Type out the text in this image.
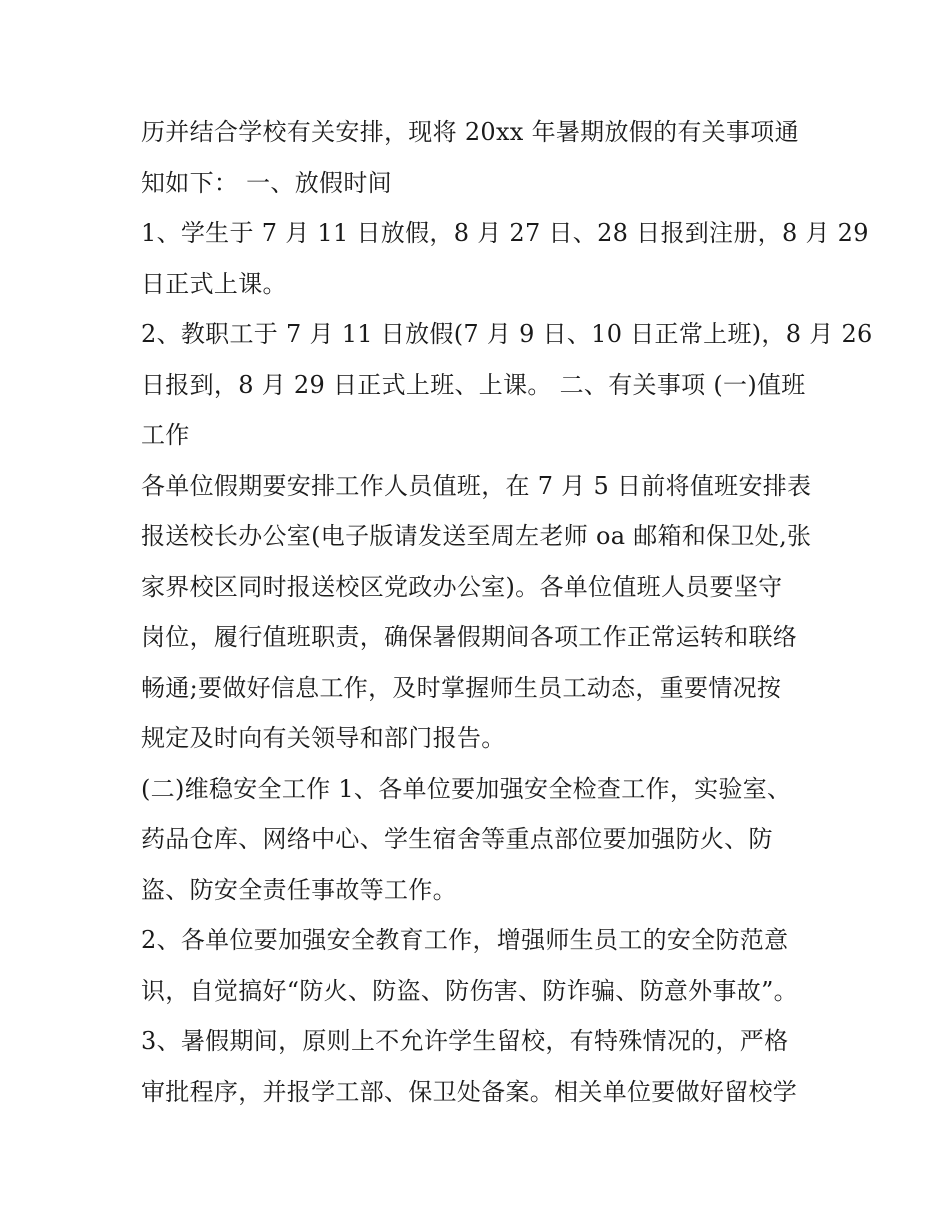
历并结合学校有关安排，现将 20xx 年暑期放假的有关事项通
知如下： 一、放假时间
1、学生于 7 月 11 日放假，8 月 27 日、28 日报到注册，8 月 29
日正式上课。
2、教职工于 7 月 11 日放假(7 月 9 日、10 日正常上班)，8 月 26
日报到，8 月 29 日正式上班、上课。 二、有关事项 (一)值班
工作
各单位假期要安排工作人员值班，在 7 月 5 日前将值班安排表
报送校长办公室(电子版请发送至周左老师 oa 邮箱和保卫处,张
家界校区同时报送校区党政办公室)。各单位值班人员要坚守
岗位，履行值班职责，确保暑假期间各项工作正常运转和联络
畅通;要做好信息工作，及时掌握师生员工动态，重要情况按
规定及时向有关领导和部门报告。
(二)维稳安全工作 1、各单位要加强安全检查工作，实验室、
药品仓库、网络中心、学生宿舍等重点部位要加强防火、防
盗、防安全责任事故等工作。
2、各单位要加强安全教育工作，增强师生员工的安全防范意
识，自觉搞好“防火、防盗、防伤害、防诈骗、防意外事故”。
3、暑假期间，原则上不允许学生留校，有特殊情况的，严格
审批程序，并报学工部、保卫处备案。相关单位要做好留校学
